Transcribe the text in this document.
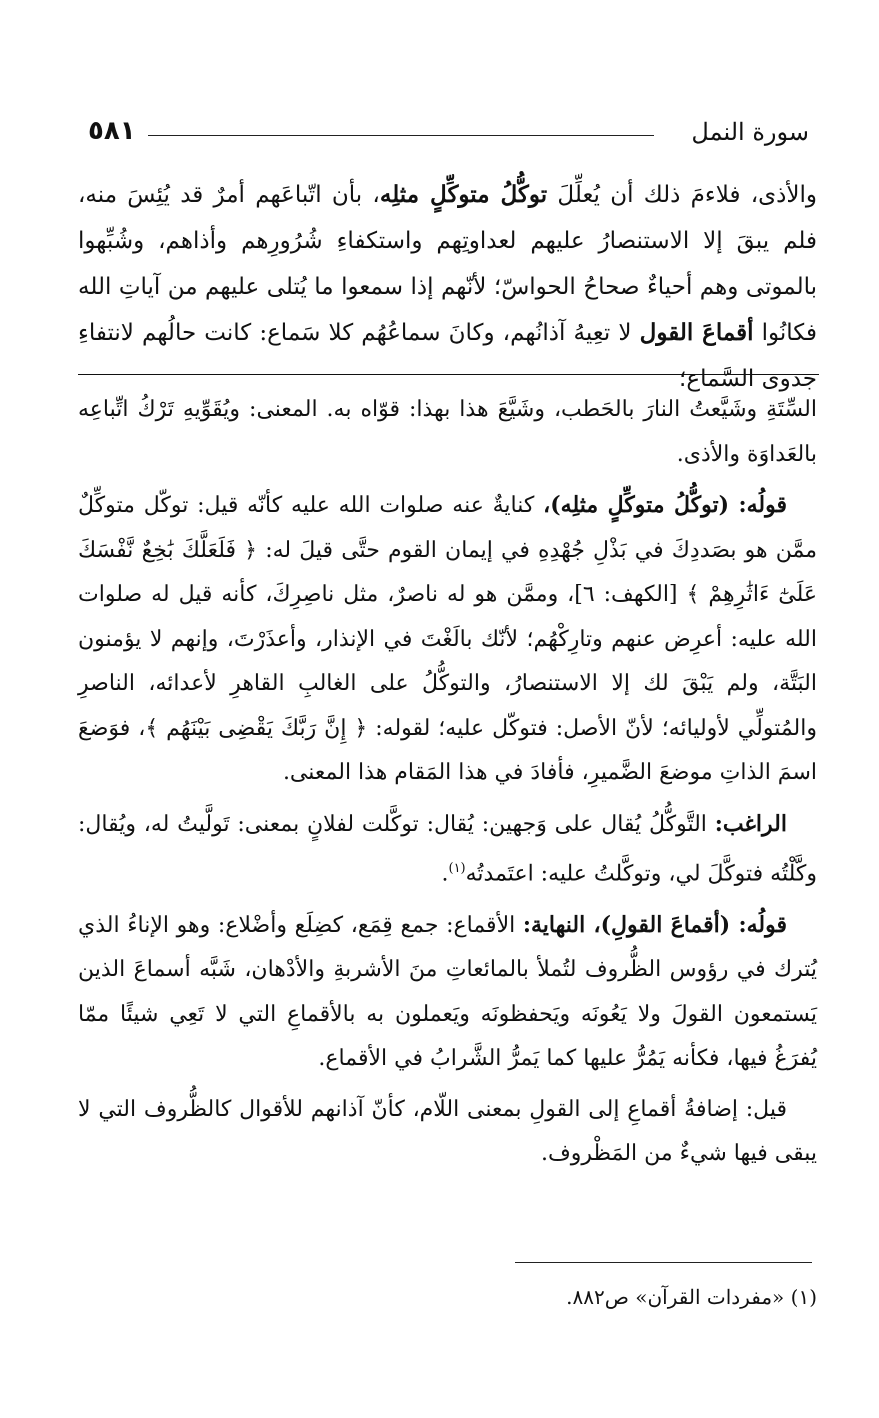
سورة النمل
٥٨١

والأذى، فلاءمَ ذلك أن يُعلِّلَ توكُّلُ متوكِّلٍ مثلِه، بأن اتّباعَهم أمرٌ قد يُئِسَ منه، فلم يبقَ إلا الاستنصارُ عليهم لعداوتِهم واستكفاءِ شُرُورِهم وأذاهم، وشُبِّهوا بالموتى وهم أحياءٌ صحاحُ الحواسّ؛ لأنّهم إذا سمعوا ما يُتلى عليهم من آياتِ الله فكانُوا أقماعَ القول لا تعِيهُ آذانُهم، وكانَ سماعُهُم كلا سَماع: كانت حالُهم لانتفاءِ جدوى السَّماع؛

السِّتَةِ وشَيَّعتُ النارَ بالحَطب، وشَيَّعَ هذا بهذا: قوّاه به. المعنى: ويُقَوِّيهِ تَرْكُ اتِّباعِه بالعَداوَة والأذى.

قولُه: (توكُّلُ متوكِّلٍ مثلِه)، كنايةٌ عنه صلوات الله عليه كأنّه قيل: توكّل متوكِّلٌ ممَّن هو بصَددِكَ في بَذْلِ جُهْدِهِ في إيمان القوم حتَّى قيلَ له: ﴿ فَلَعَلَّكَ بَٰخِعٌ نَّفْسَكَ عَلَىٰٓ ءَاثَٰرِهِمْ ﴾ [الكهف: ٦]، وممَّن هو له ناصرٌ، مثل ناصِرِكَ، كأنه قيل له صلوات الله عليه: أعرِض عنهم وتارِكْهُم؛ لأنّك بالَغْتَ في الإنذار، وأعذَرْتَ، وإنهم لا يؤمنون البَتَّة، ولم يَبْقَ لك إلا الاستنصارُ، والتوكُّلُ على الغالبِ القاهرِ لأعدائه، الناصرِ والمُتولِّي لأوليائه؛ لأنّ الأصل: فتوكّل عليه؛ لقوله: ﴿ إِنَّ رَبَّكَ يَقْضِى بَيْنَهُم ﴾، فوَضعَ اسمَ الذاتِ موضعَ الضَّميرِ، فأفادَ في هذا المَقام هذا المعنى.

الراغب: التَّوكُّلُ يُقال على وَجهين: يُقال: توكَّلت لفلانٍ بمعنى: تَولَّيتُ له، ويُقال: وكَّلْتُه فتوكَّلَ لي، وتوكَّلتُ عليه: اعتَمدتُه$^{(١)}$.

قولُه: (أقماعَ القولِ)، النهاية: الأقماع: جمع قِمَع، كضِلَع وأضْلاع: وهو الإناءُ الذي يُترك في رؤوس الظُّروف لتُملأ بالمائعاتِ منَ الأشربةِ والأدْهان، شَبَّه أسماعَ الذين يَستمعون القولَ ولا يَعُونَه ويَحفظونَه ويَعملون به بالأقماعِ التي لا تَعِي شيئًا ممّا يُفرَغُ فيها، فكأنه يَمُرُّ عليها كما يَمرُّ الشَّرابُ في الأقماع.

قيل: إضافةُ أقماعِ إلى القولِ بمعنى اللّام، كأنّ آذانهم للأقوال كالظُّروف التي لا يبقى فيها شيءٌ من المَظْروف.

(١) «مفردات القرآن» ص٨٨٢.
